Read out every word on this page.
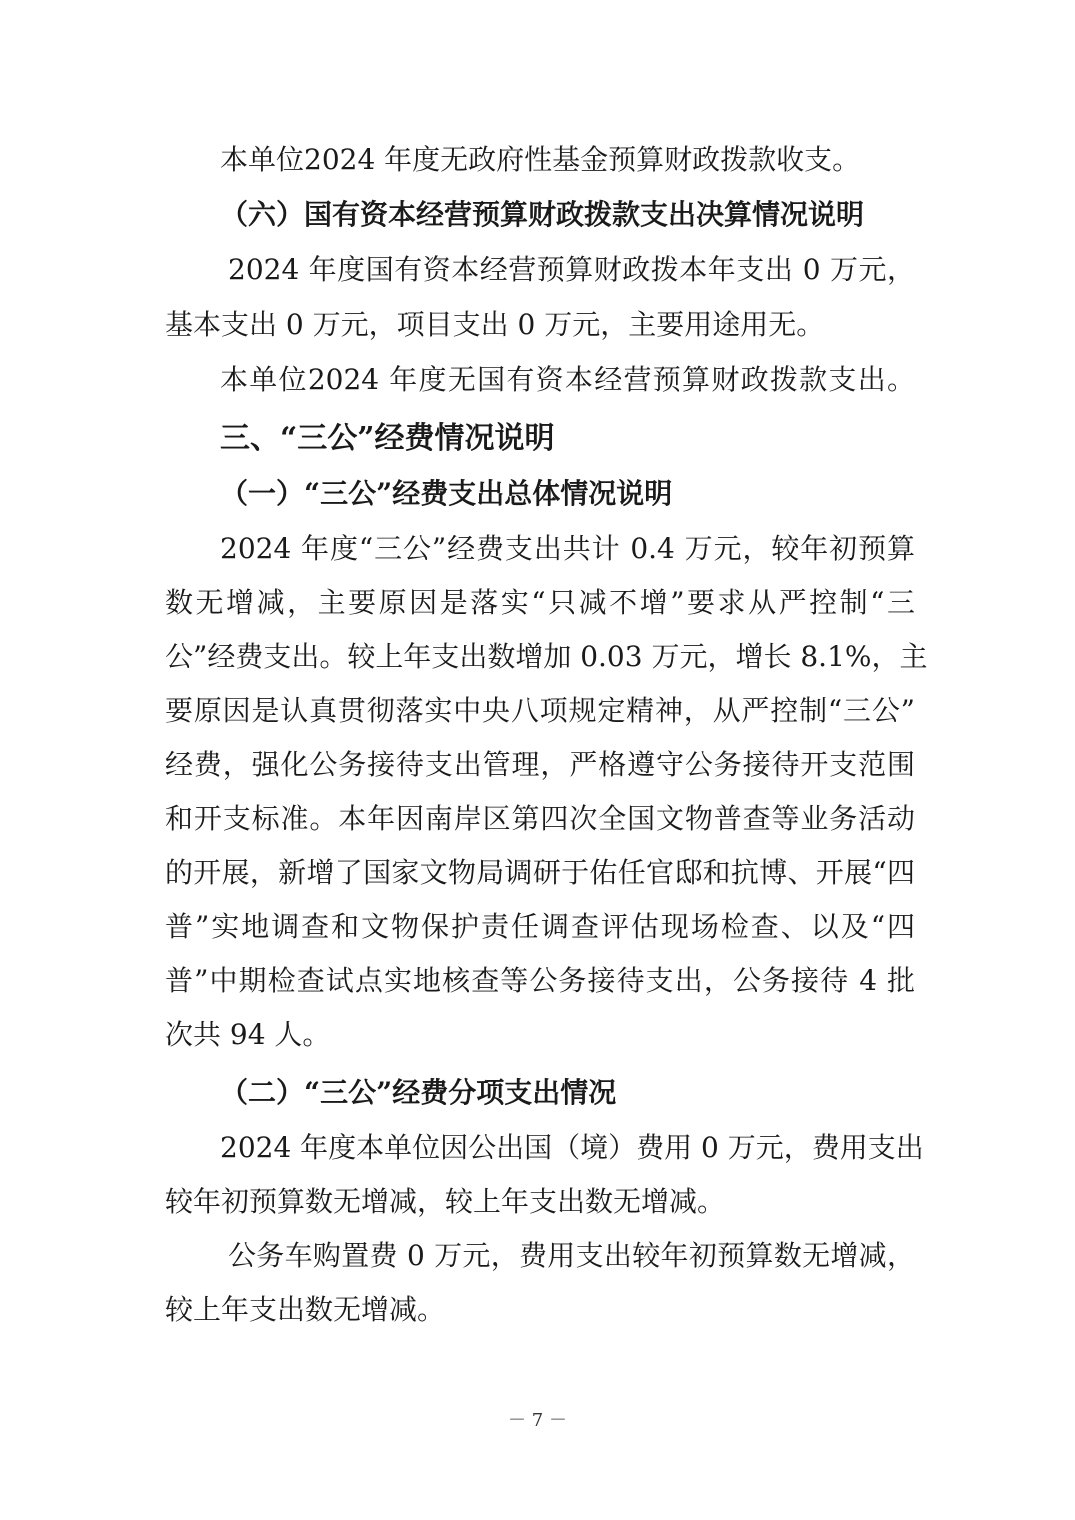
本单位2024 年度无政府性基金预算财政拨款收支。
（六）国有资本经营预算财政拨款支出决算情况说明
2024 年度国有资本经营预算财政拨本年支出 0 万元，
基本支出 0 万元，项目支出 0 万元，主要用途用无。
本单位2024 年度无国有资本经营预算财政拨款支出。
三、“三公”经费情况说明
（一）“三公”经费支出总体情况说明
2024 年度“三公”经费支出共计 0.4 万元，较年初预算
数无增减，主要原因是落实“只减不增”要求从严控制“三
公”经费支出。较上年支出数增加 0.03 万元，增长 8.1%，主
要原因是认真贯彻落实中央八项规定精神，从严控制“三公”
经费，强化公务接待支出管理，严格遵守公务接待开支范围
和开支标准。本年因南岸区第四次全国文物普查等业务活动
的开展，新增了国家文物局调研于佑任官邸和抗博、开展“四
普”实地调查和文物保护责任调查评估现场检查、以及“四
普”中期检查试点实地核查等公务接待支出，公务接待 4 批
次共 94 人。
（二）“三公”经费分项支出情况
2024 年度本单位因公出国（境）费用 0 万元，费用支出
较年初预算数无增减，较上年支出数无增减。
公务车购置费 0 万元，费用支出较年初预算数无增减，
较上年支出数无增减。
－ 7 －
